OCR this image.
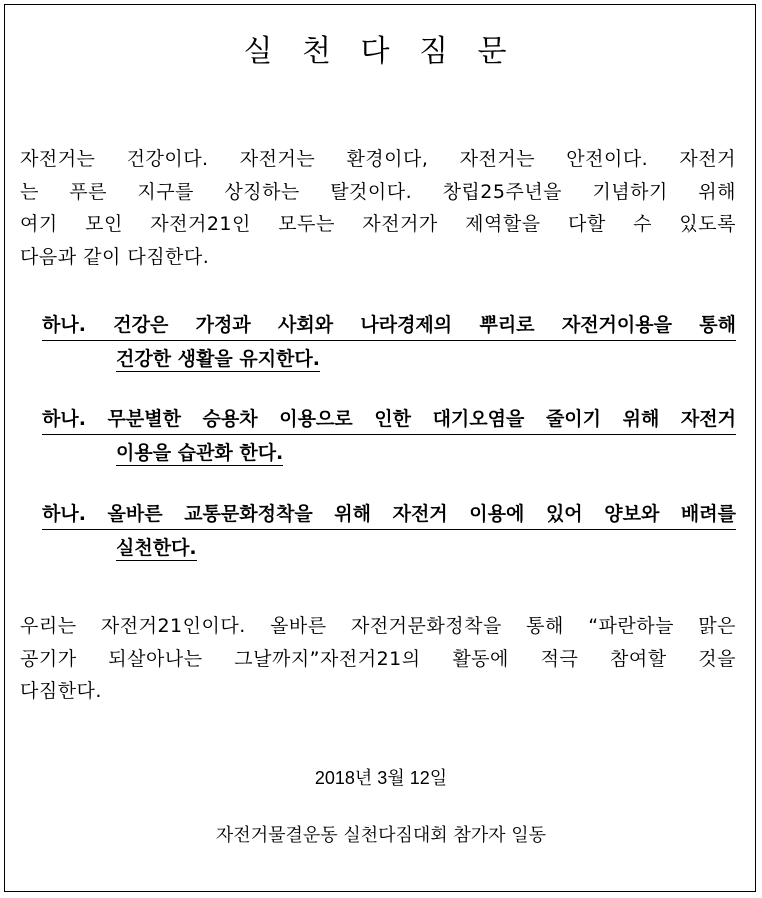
실 천 다 짐 문
자전거는 건강이다. 자전거는 환경이다, 자전거는 안전이다. 자전거
는 푸른 지구를 상징하는 탈것이다. 창립25주년을 기념하기 위해
여기 모인 자전거21인 모두는 자전거가 제역할을 다할 수 있도록
다음과 같이 다짐한다.
하나. 건강은 가정과 사회와 나라경제의 뿌리로 자전거이용을 통해
건강한 생활을 유지한다.
하나. 무분별한 승용차 이용으로 인한 대기오염을 줄이기 위해 자전거
이용을 습관화 한다.
하나. 올바른 교통문화정착을 위해 자전거 이용에 있어 양보와 배려를
실천한다.
우리는 자전거21인이다. 올바른 자전거문화정착을 통해 “파란하늘 맑은
공기가 되살아나는 그날까지”자전거21의 활동에 적극 참여할 것을
다짐한다.
2018년 3월 12일
자전거물결운동 실천다짐대회 참가자 일동
